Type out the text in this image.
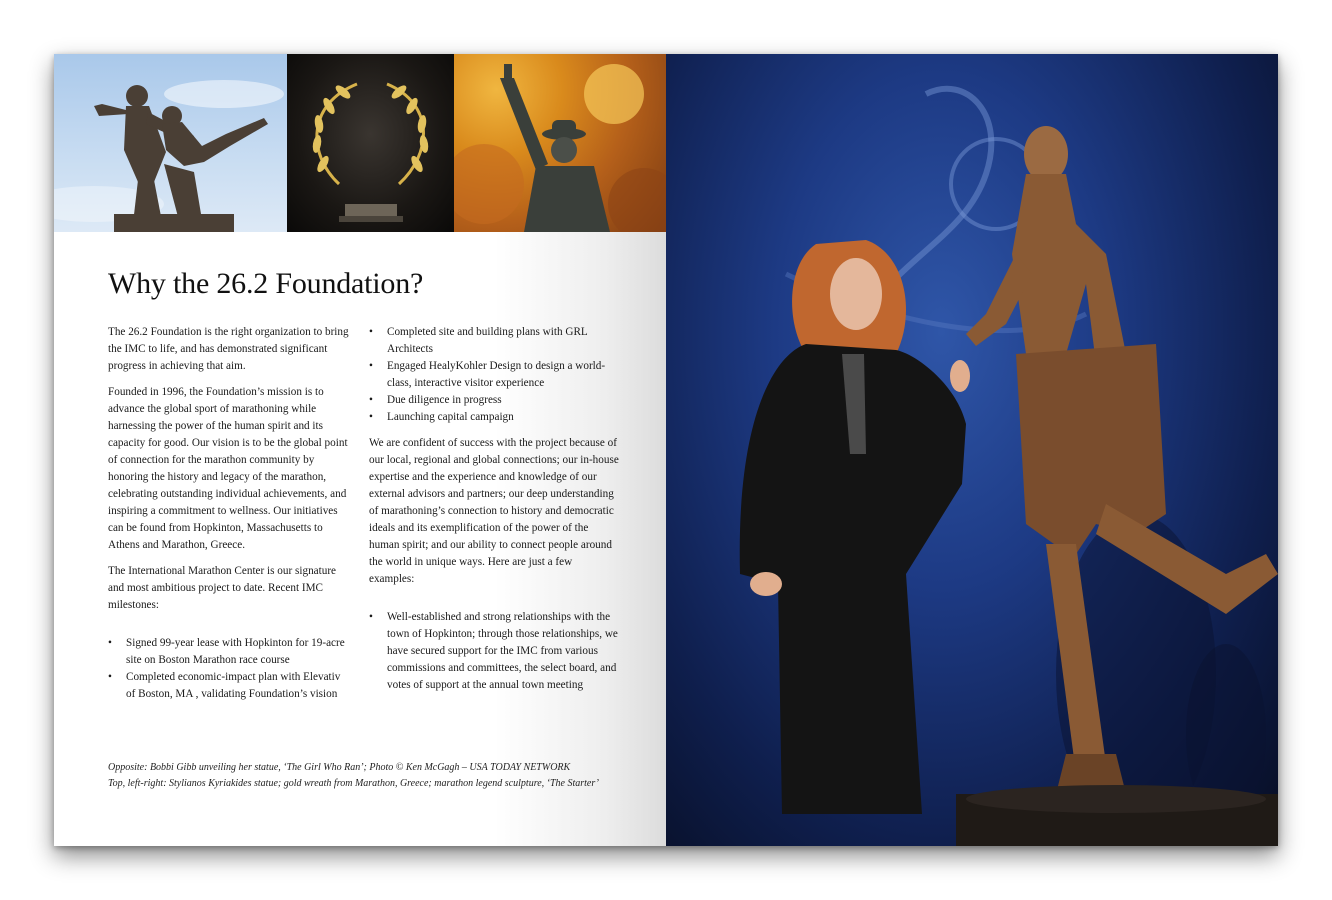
Why the 26.2 Foundation?

The 26.2 Foundation is the right organization to bring the IMC to life, and has demonstrated significant progress in achieving that aim.

Founded in 1996, the Foundation’s mission is to advance the global sport of marathoning while harnessing the power of the human spirit and its capacity for good. Our vision is to be the global point of connection for the marathon community by honoring the history and legacy of the marathon, celebrating outstanding individual achievements, and inspiring a commitment to wellness. Our initiatives can be found from Hopkinton, Massachusetts to Athens and Marathon, Greece.

The International Marathon Center is our signature and most ambitious project to date. Recent IMC milestones:

• Signed 99-year lease with Hopkinton for 19-acre site on Boston Marathon race course
• Completed economic-impact plan with Elevativ of Boston, MA , validating Foundation’s vision
• Completed site and building plans with GRL Architects
• Engaged HealyKohler Design to design a world-class, interactive visitor experience
• Due diligence in progress
• Launching capital campaign

We are confident of success with the project because of our local, regional and global connections; our in-house expertise and the experience and knowledge of our external advisors and partners; our deep understanding of marathoning’s connection to history and democratic ideals and its exemplification of the power of the human spirit; and our ability to connect people around the world in unique ways. Here are just a few examples:

• Well-established and strong relationships with the town of Hopkinton; through those relationships, we have secured support for the IMC from various commissions and committees, the select board, and votes of support at the annual town meeting
Opposite: Bobbi Gibb unveiling her statue, ‘The Girl Who Ran’; Photo © Ken McGagh – USA TODAY NETWORK
Top, left-right: Stylianos Kyriakides statue; gold wreath from Marathon, Greece; marathon legend sculpture, ‘The Starter’
